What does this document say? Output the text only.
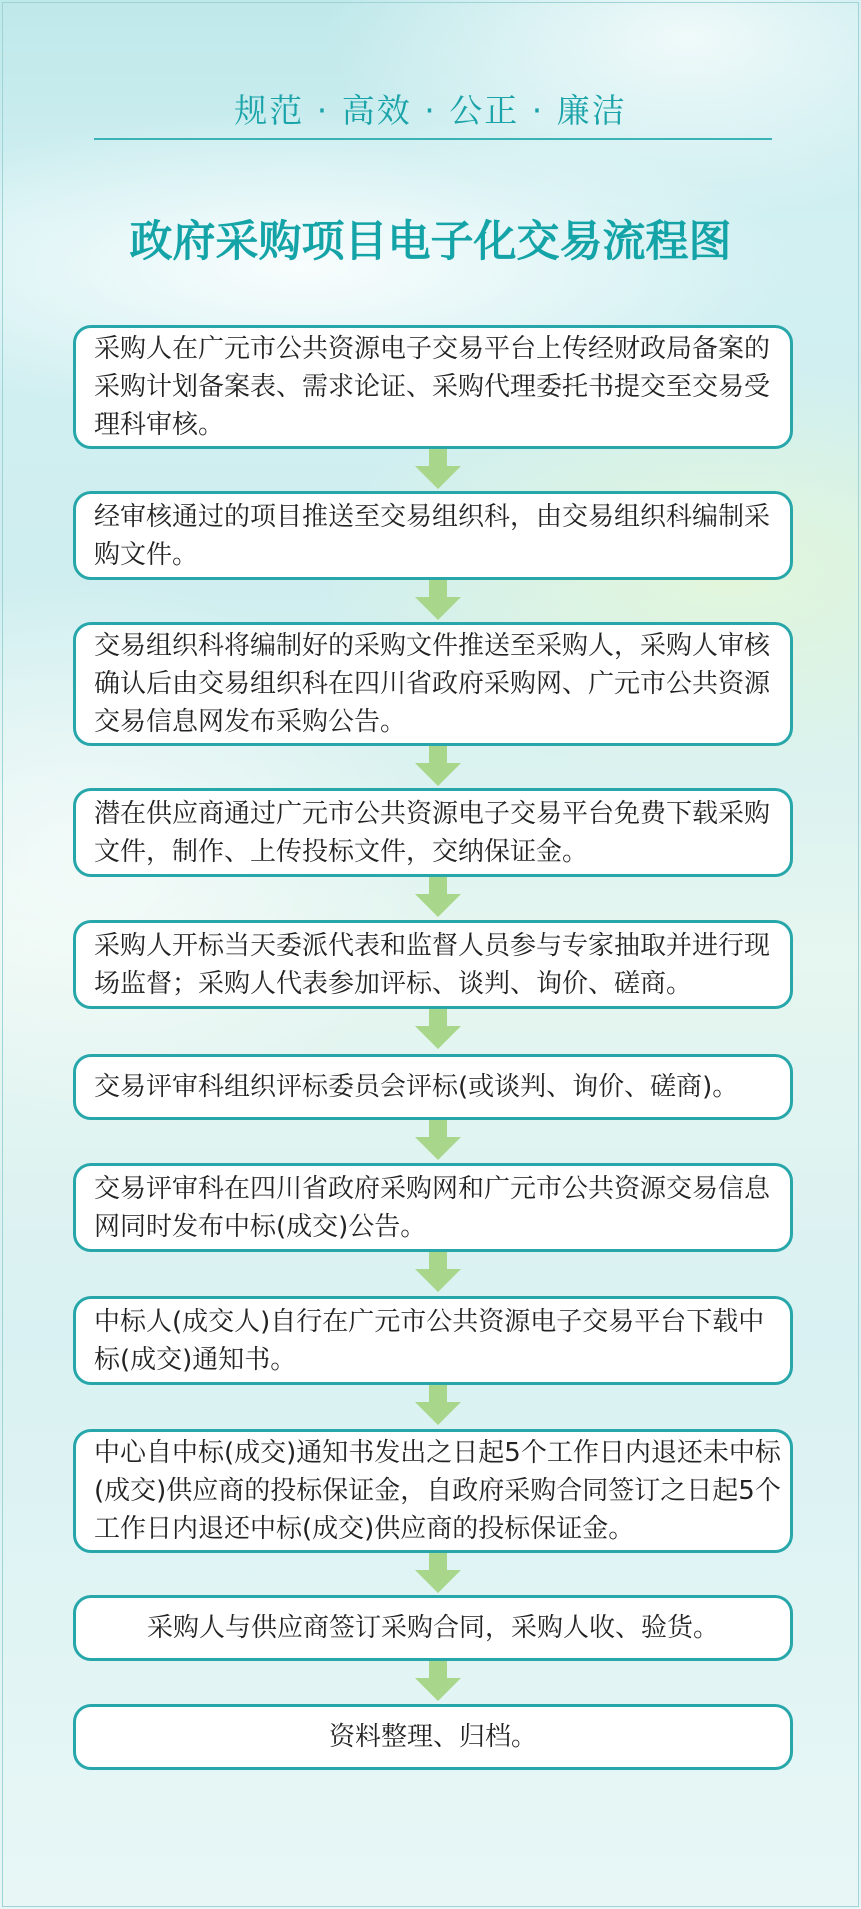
规范 · 高效 · 公正 · 廉洁
政府采购项目电子化交易流程图
采购人在广元市公共资源电子交易平台上传经财政局备案的采购计划备案表、需求论证、采购代理委托书提交至交易受理科审核。
经审核通过的项目推送至交易组织科，由交易组织科编制采购文件。
交易组织科将编制好的采购文件推送至采购人，采购人审核确认后由交易组织科在四川省政府采购网、广元市公共资源交易信息网发布采购公告。
潜在供应商通过广元市公共资源电子交易平台免费下载采购文件，制作、上传投标文件，交纳保证金。
采购人开标当天委派代表和监督人员参与专家抽取并进行现场监督；采购人代表参加评标、谈判、询价、磋商。
交易评审科组织评标委员会评标(或谈判、询价、磋商)。
交易评审科在四川省政府采购网和广元市公共资源交易信息网同时发布中标(成交)公告。
中标人(成交人)自行在广元市公共资源电子交易平台下载中标(成交)通知书。
中心自中标(成交)通知书发出之日起5个工作日内退还未中标(成交)供应商的投标保证金，自政府采购合同签订之日起5个工作日内退还中标(成交)供应商的投标保证金。
采购人与供应商签订采购合同，采购人收、验货。
资料整理、归档。
